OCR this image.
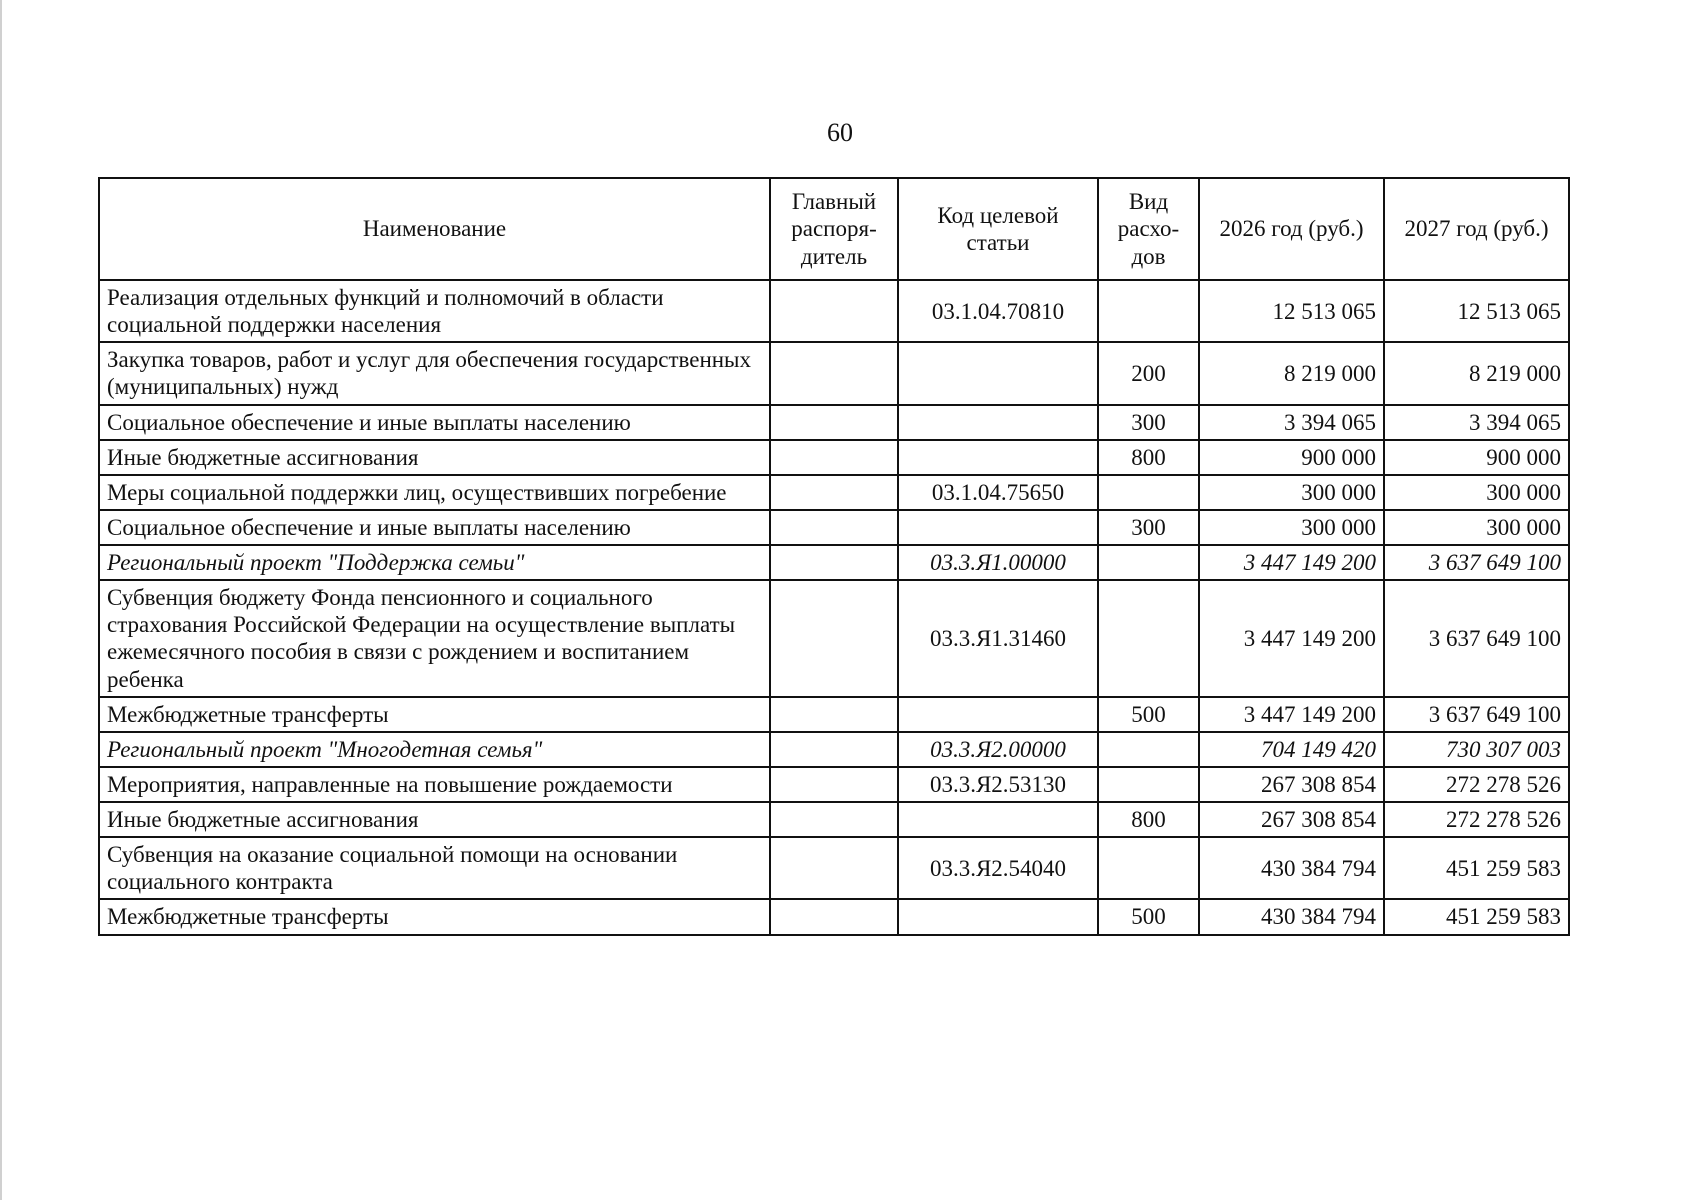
60
Наименование	Главный распоря-дитель	Код целевой статьи	Вид расхо-дов	2026 год (руб.)	2027 год (руб.)
Реализация отдельных функций и полномочий в области социальной поддержки населения		03.1.04.70810		12 513 065	12 513 065
Закупка товаров, работ и услуг для обеспечения государственных (муниципальных) нужд			200	8 219 000	8 219 000
Социальное обеспечение и иные выплаты населению			300	3 394 065	3 394 065
Иные бюджетные ассигнования			800	900 000	900 000
Меры социальной поддержки лиц, осуществивших погребение		03.1.04.75650		300 000	300 000
Социальное обеспечение и иные выплаты населению			300	300 000	300 000
Региональный проект "Поддержка семьи"		03.3.Я1.00000		3 447 149 200	3 637 649 100
Субвенция бюджету Фонда пенсионного и социального страхования Российской Федерации на осуществление выплаты ежемесячного пособия в связи с рождением и воспитанием ребенка		03.3.Я1.31460		3 447 149 200	3 637 649 100
Межбюджетные трансферты			500	3 447 149 200	3 637 649 100
Региональный проект "Многодетная семья"		03.3.Я2.00000		704 149 420	730 307 003
Мероприятия, направленные на повышение рождаемости		03.3.Я2.53130		267 308 854	272 278 526
Иные бюджетные ассигнования			800	267 308 854	272 278 526
Субвенция на оказание социальной помощи на основании социального контракта		03.3.Я2.54040		430 384 794	451 259 583
Межбюджетные трансферты			500	430 384 794	451 259 583
